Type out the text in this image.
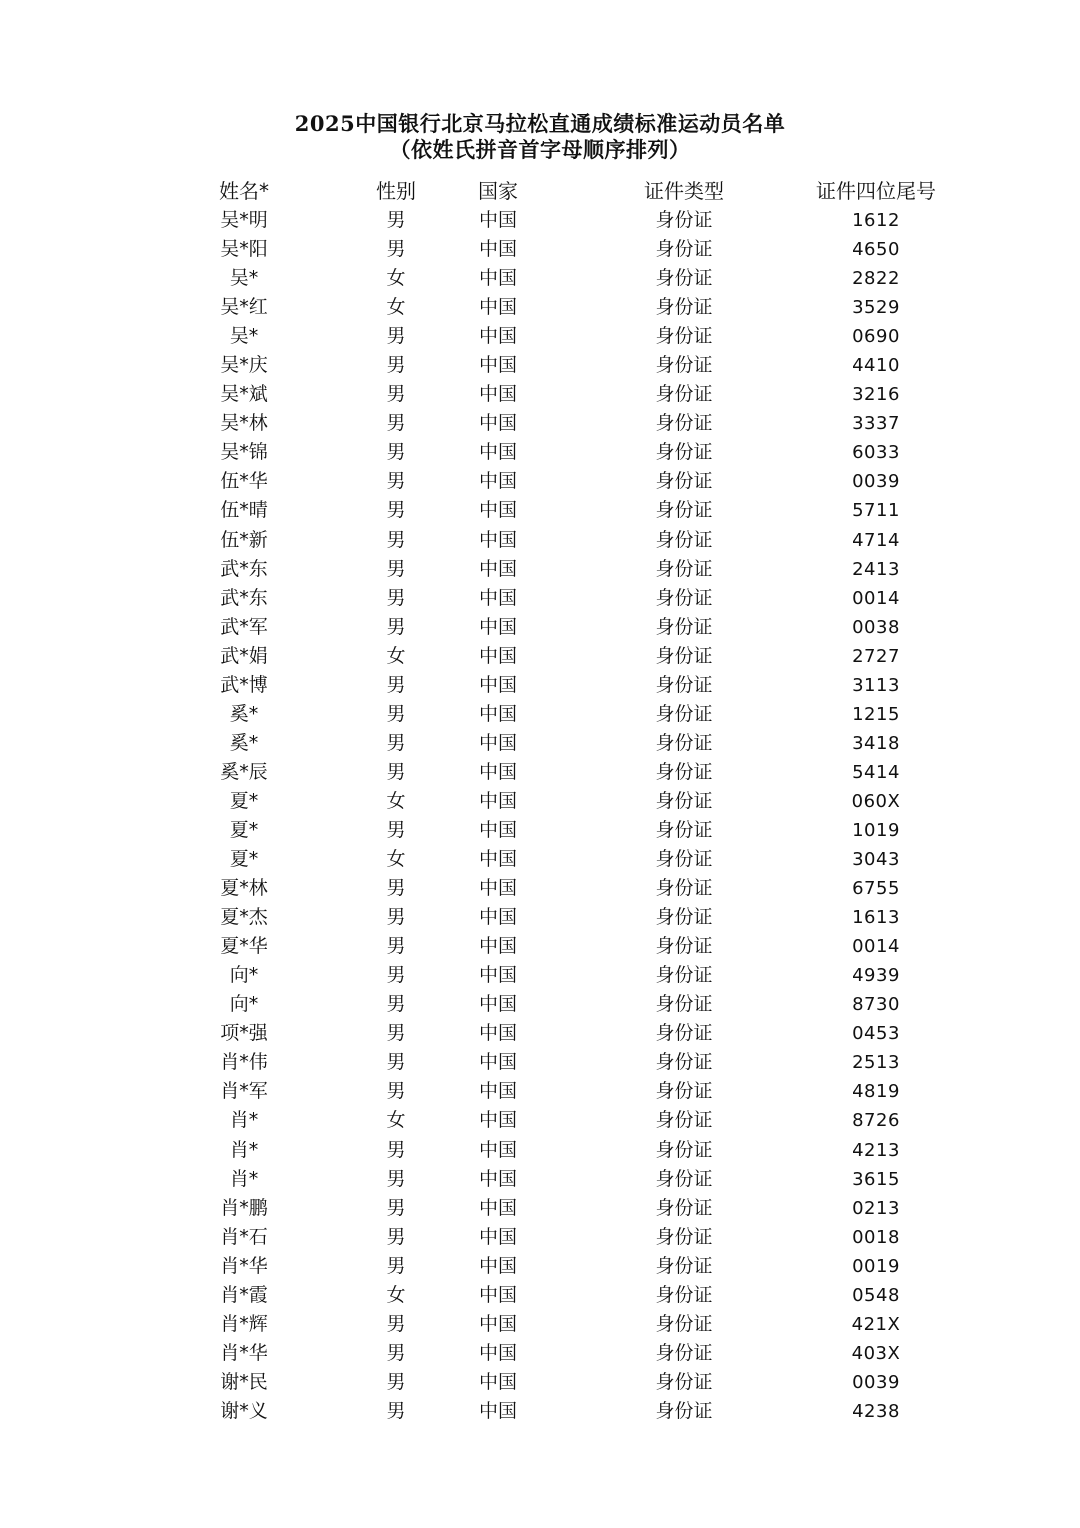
2025中国银行北京马拉松直通成绩标准运动员名单
（依姓氏拼音首字母顺序排列）
姓名*	性别	国家	证件类型	证件四位尾号
吴*明	男	中国	身份证	1612
吴*阳	男	中国	身份证	4650
吴*	女	中国	身份证	2822
吴*红	女	中国	身份证	3529
吴*	男	中国	身份证	0690
吴*庆	男	中国	身份证	4410
吴*斌	男	中国	身份证	3216
吴*林	男	中国	身份证	3337
吴*锦	男	中国	身份证	6033
伍*华	男	中国	身份证	0039
伍*晴	男	中国	身份证	5711
伍*新	男	中国	身份证	4714
武*东	男	中国	身份证	2413
武*东	男	中国	身份证	0014
武*军	男	中国	身份证	0038
武*娟	女	中国	身份证	2727
武*博	男	中国	身份证	3113
奚*	男	中国	身份证	1215
奚*	男	中国	身份证	3418
奚*辰	男	中国	身份证	5414
夏*	女	中国	身份证	060X
夏*	男	中国	身份证	1019
夏*	女	中国	身份证	3043
夏*林	男	中国	身份证	6755
夏*杰	男	中国	身份证	1613
夏*华	男	中国	身份证	0014
向*	男	中国	身份证	4939
向*	男	中国	身份证	8730
项*强	男	中国	身份证	0453
肖*伟	男	中国	身份证	2513
肖*军	男	中国	身份证	4819
肖*	女	中国	身份证	8726
肖*	男	中国	身份证	4213
肖*	男	中国	身份证	3615
肖*鹏	男	中国	身份证	0213
肖*石	男	中国	身份证	0018
肖*华	男	中国	身份证	0019
肖*霞	女	中国	身份证	0548
肖*辉	男	中国	身份证	421X
肖*华	男	中国	身份证	403X
谢*民	男	中国	身份证	0039
谢*义	男	中国	身份证	4238
